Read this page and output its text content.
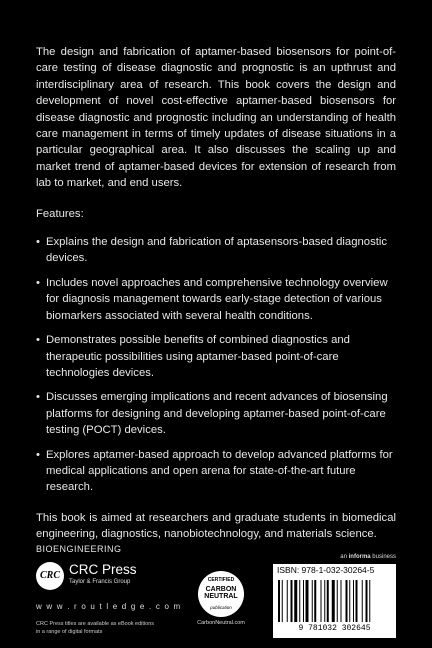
The design and fabrication of aptamer-based biosensors for point-of-care testing of disease diagnostic and prognostic is an upthrust and interdisciplinary area of research. This book covers the design and development of novel cost-effective aptamer-based biosensors for disease diagnostic and prognostic including an understanding of health care management in terms of timely updates of disease situations in a particular geographical area. It also discusses the scaling up and market trend of aptamer-based devices for extension of research from lab to market, and end users.

Features:

• Explains the design and fabrication of aptasensors-based diagnostic devices.
• Includes novel approaches and comprehensive technology overview for diagnosis management towards early-stage detection of various biomarkers associated with several health conditions.
• Demonstrates possible benefits of combined diagnostics and therapeutic possibilities using aptamer-based point-of-care technologies devices.
• Discusses emerging implications and recent advances of biosensing platforms for designing and developing aptamer-based point-of-care testing (POCT) devices.
• Explores aptamer-based approach to develop advanced platforms for medical applications and open arena for state-of-the-art future research.

This book is aimed at researchers and graduate students in biomedical engineering, diagnostics, nanobiotechnology, and materials science.

BIOENGINEERING
CRC CRC Press
Taylor & Francis Group
w w w . r o u t l e d g e . c o m
CRC Press titles are available as eBook editions in a range of digital formats
CERTIFIED
CARBON
NEUTRAL
publication
CarbonNeutral.com
an informa business
ISBN: 978-1-032-30264-5
9 781032 302645
